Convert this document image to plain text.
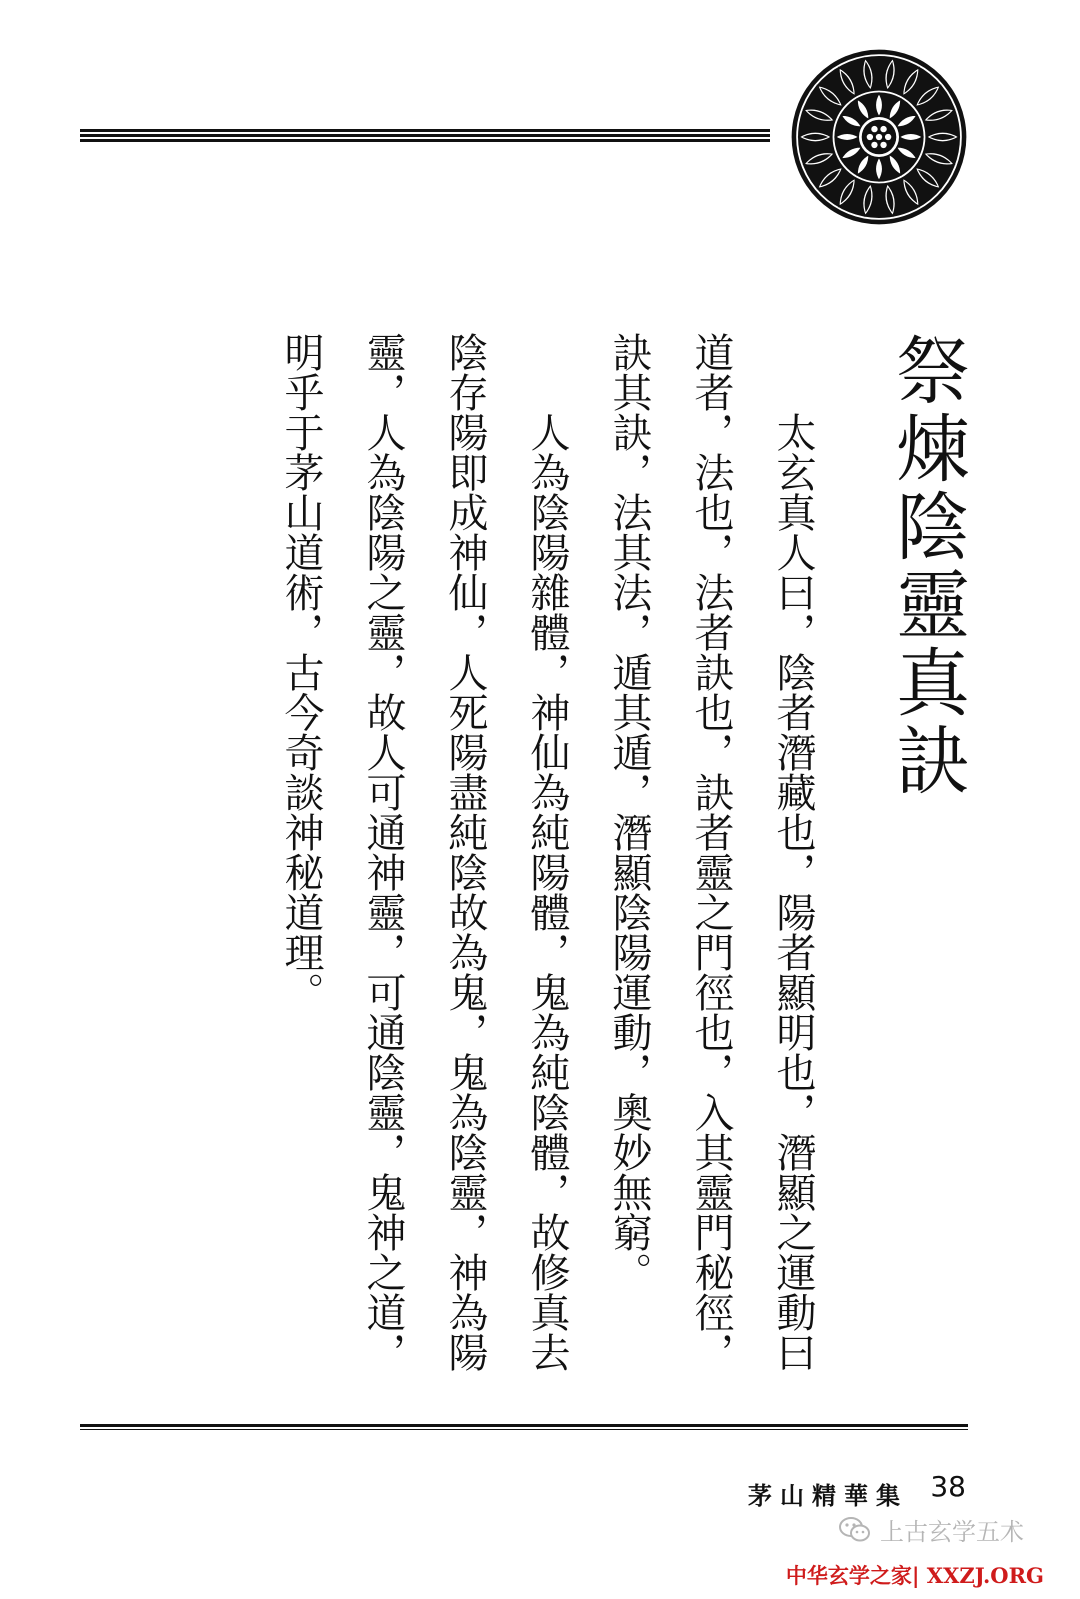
祭煉陰靈真訣

太玄真人曰，陰者潛藏也，陽者顯明也，潛顯之運動曰道者，法也，法者訣也，訣者靈之門徑也，入其靈門秘徑，訣其訣，法其法，遁其遁，潛顯陰陽運動，奧妙無窮。

人為陰陽雜體，神仙為純陽體，鬼為純陰體，故修真去陰存陽即成神仙，人死陽盡純陰故為鬼，鬼為陰靈，神為陽靈，人為陰陽之靈，故人可通神靈，可通陰靈，鬼神之道，明乎于茅山道術，古今奇談神秘道理。

茅山精華集 38
上古玄学五术
中华玄学之家| XXZJ.ORG
